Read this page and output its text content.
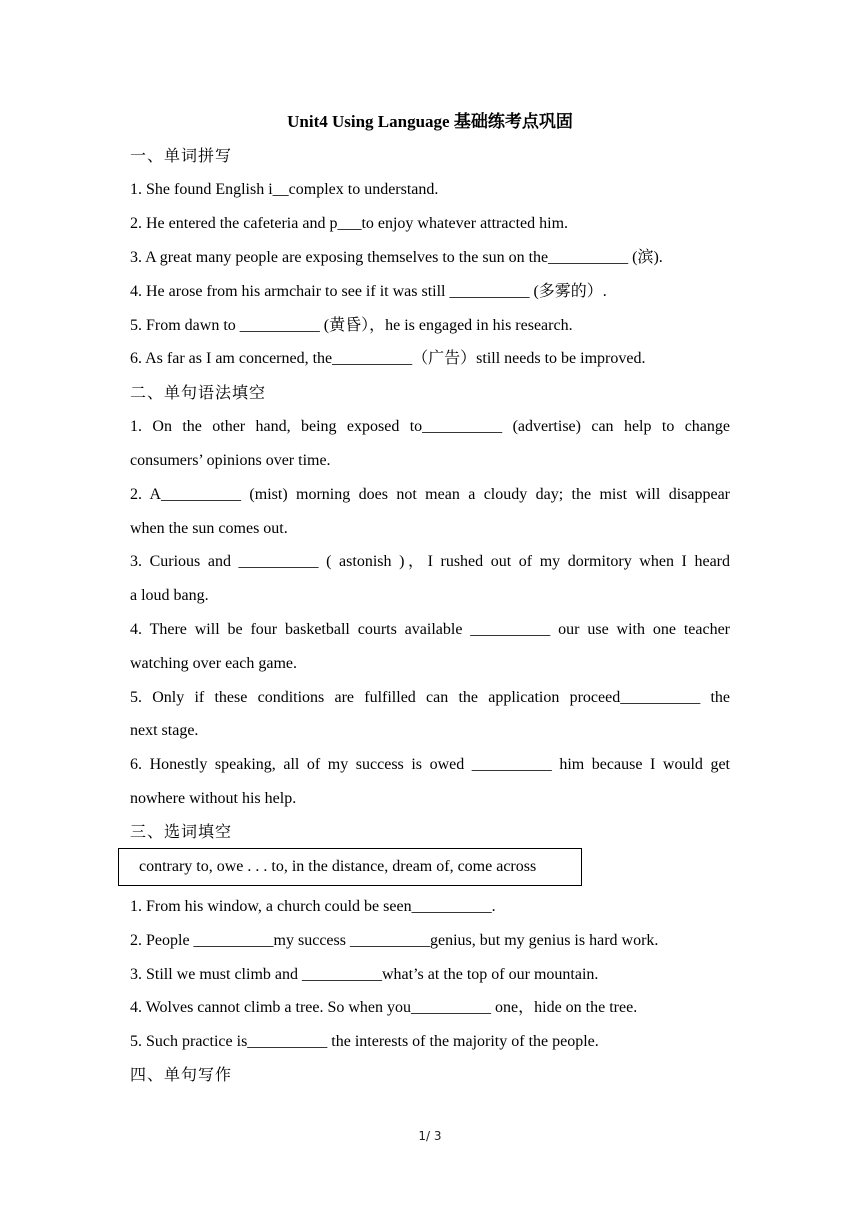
Unit4 Using Language 基础练考点巩固
一、单词拼写
1. She found English i__complex to understand.
2. He entered the cafeteria and p___to enjoy whatever attracted him.
3. A great many people are exposing themselves to the sun on the__________ (滨).
4. He arose from his armchair to see if it was still __________ (多雾的）.
5. From dawn to __________ (黄昏），he is engaged in his research.
6. As far as I am concerned, the__________（广告）still needs to be improved.
二、单句语法填空
1. On the other hand, being exposed to__________ (advertise) can help to change
consumers’ opinions over time.
2. A__________ (mist) morning does not mean a cloudy day; the mist will disappear
when the sun comes out.
3. Curious and __________ ( astonish )，I rushed out of my dormitory when I heard
a loud bang.
4. There will be four basketball courts available __________ our use with one teacher
watching over each game.
5. Only if these conditions are fulfilled can the application proceed__________ the
next stage.
6. Honestly speaking, all of my success is owed __________ him because I would get
nowhere without his help.
三、选词填空
contrary to, owe . . . to, in the distance, dream of, come across
1. From his window, a church could be seen__________.
2. People __________my success __________genius, but my genius is hard work.
3. Still we must climb and __________what’s at the top of our mountain.
4. Wolves cannot climb a tree. So when you__________ one，hide on the tree.
5. Such practice is__________ the interests of the majority of the people.
四、单句写作
1/ 3
